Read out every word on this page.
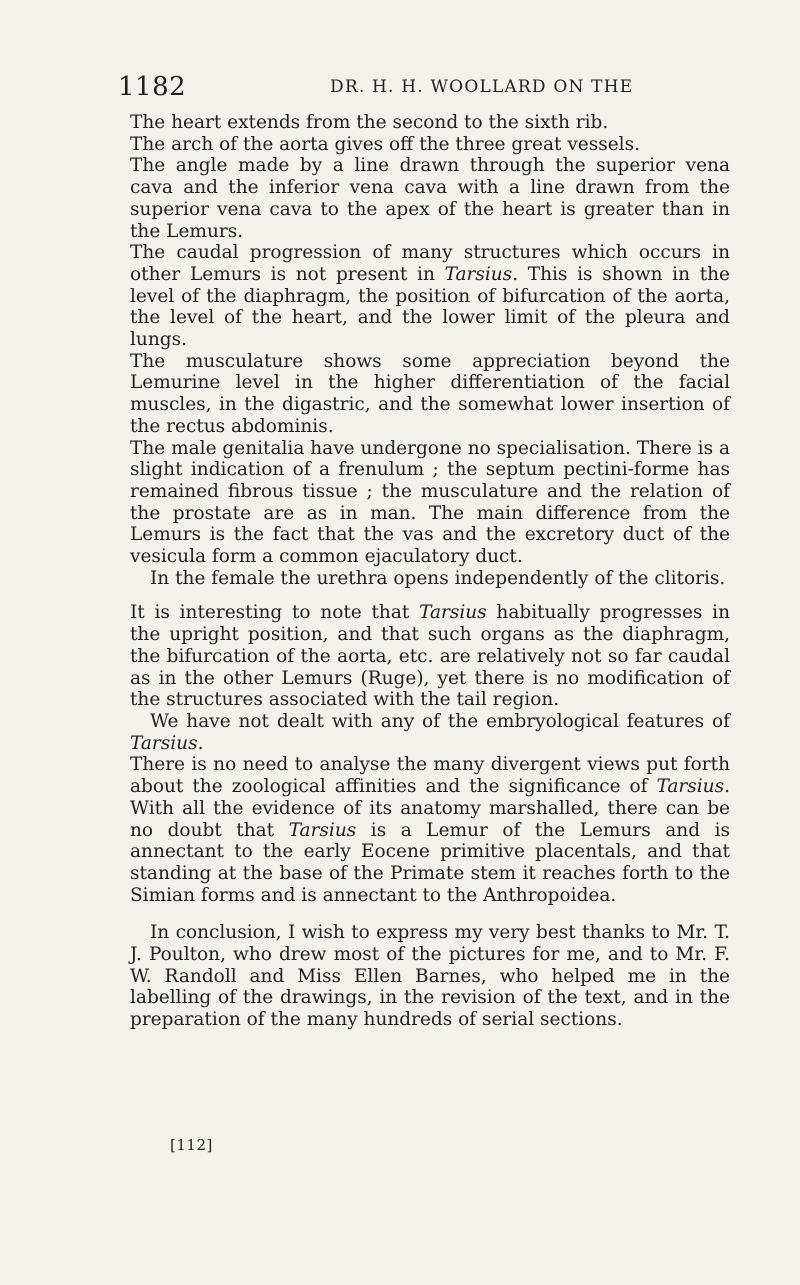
1182	DR. H. H. WOOLLARD ON THE

The heart extends from the second to the sixth rib.

The arch of the aorta gives off the three great vessels.

The angle made by a line drawn through the superior vena cava and the inferior vena cava with a line drawn from the superior vena cava to the apex of the heart is greater than in the Lemurs.

The caudal progression of many structures which occurs in other Lemurs is not present in Tarsius. This is shown in the level of the diaphragm, the position of bifurcation of the aorta, the level of the heart, and the lower limit of the pleura and lungs.

The musculature shows some appreciation beyond the Lemurine level in the higher differentiation of the facial muscles, in the digastric, and the somewhat lower insertion of the rectus abdominis.

The male genitalia have undergone no specialisation. There is a slight indication of a frenulum ; the septum pectini-forme has remained fibrous tissue ; the musculature and the relation of the prostate are as in man. The main difference from the Lemurs is the fact that the vas and the excretory duct of the vesicula form a common ejaculatory duct.

In the female the urethra opens independently of the clitoris.

It is interesting to note that Tarsius habitually progresses in the upright position, and that such organs as the diaphragm, the bifurcation of the aorta, etc. are relatively not so far caudal as in the other Lemurs (Ruge), yet there is no modification of the structures associated with the tail region.

We have not dealt with any of the embryological features of Tarsius.

There is no need to analyse the many divergent views put forth about the zoological affinities and the significance of Tarsius. With all the evidence of its anatomy marshalled, there can be no doubt that Tarsius is a Lemur of the Lemurs and is annectant to the early Eocene primitive placentals, and that standing at the base of the Primate stem it reaches forth to the Simian forms and is annectant to the Anthropoidea.

In conclusion, I wish to express my very best thanks to Mr. T. J. Poulton, who drew most of the pictures for me, and to Mr. F. W. Randoll and Miss Ellen Barnes, who helped me in the labelling of the drawings, in the revision of the text, and in the preparation of the many hundreds of serial sections.

[112]
